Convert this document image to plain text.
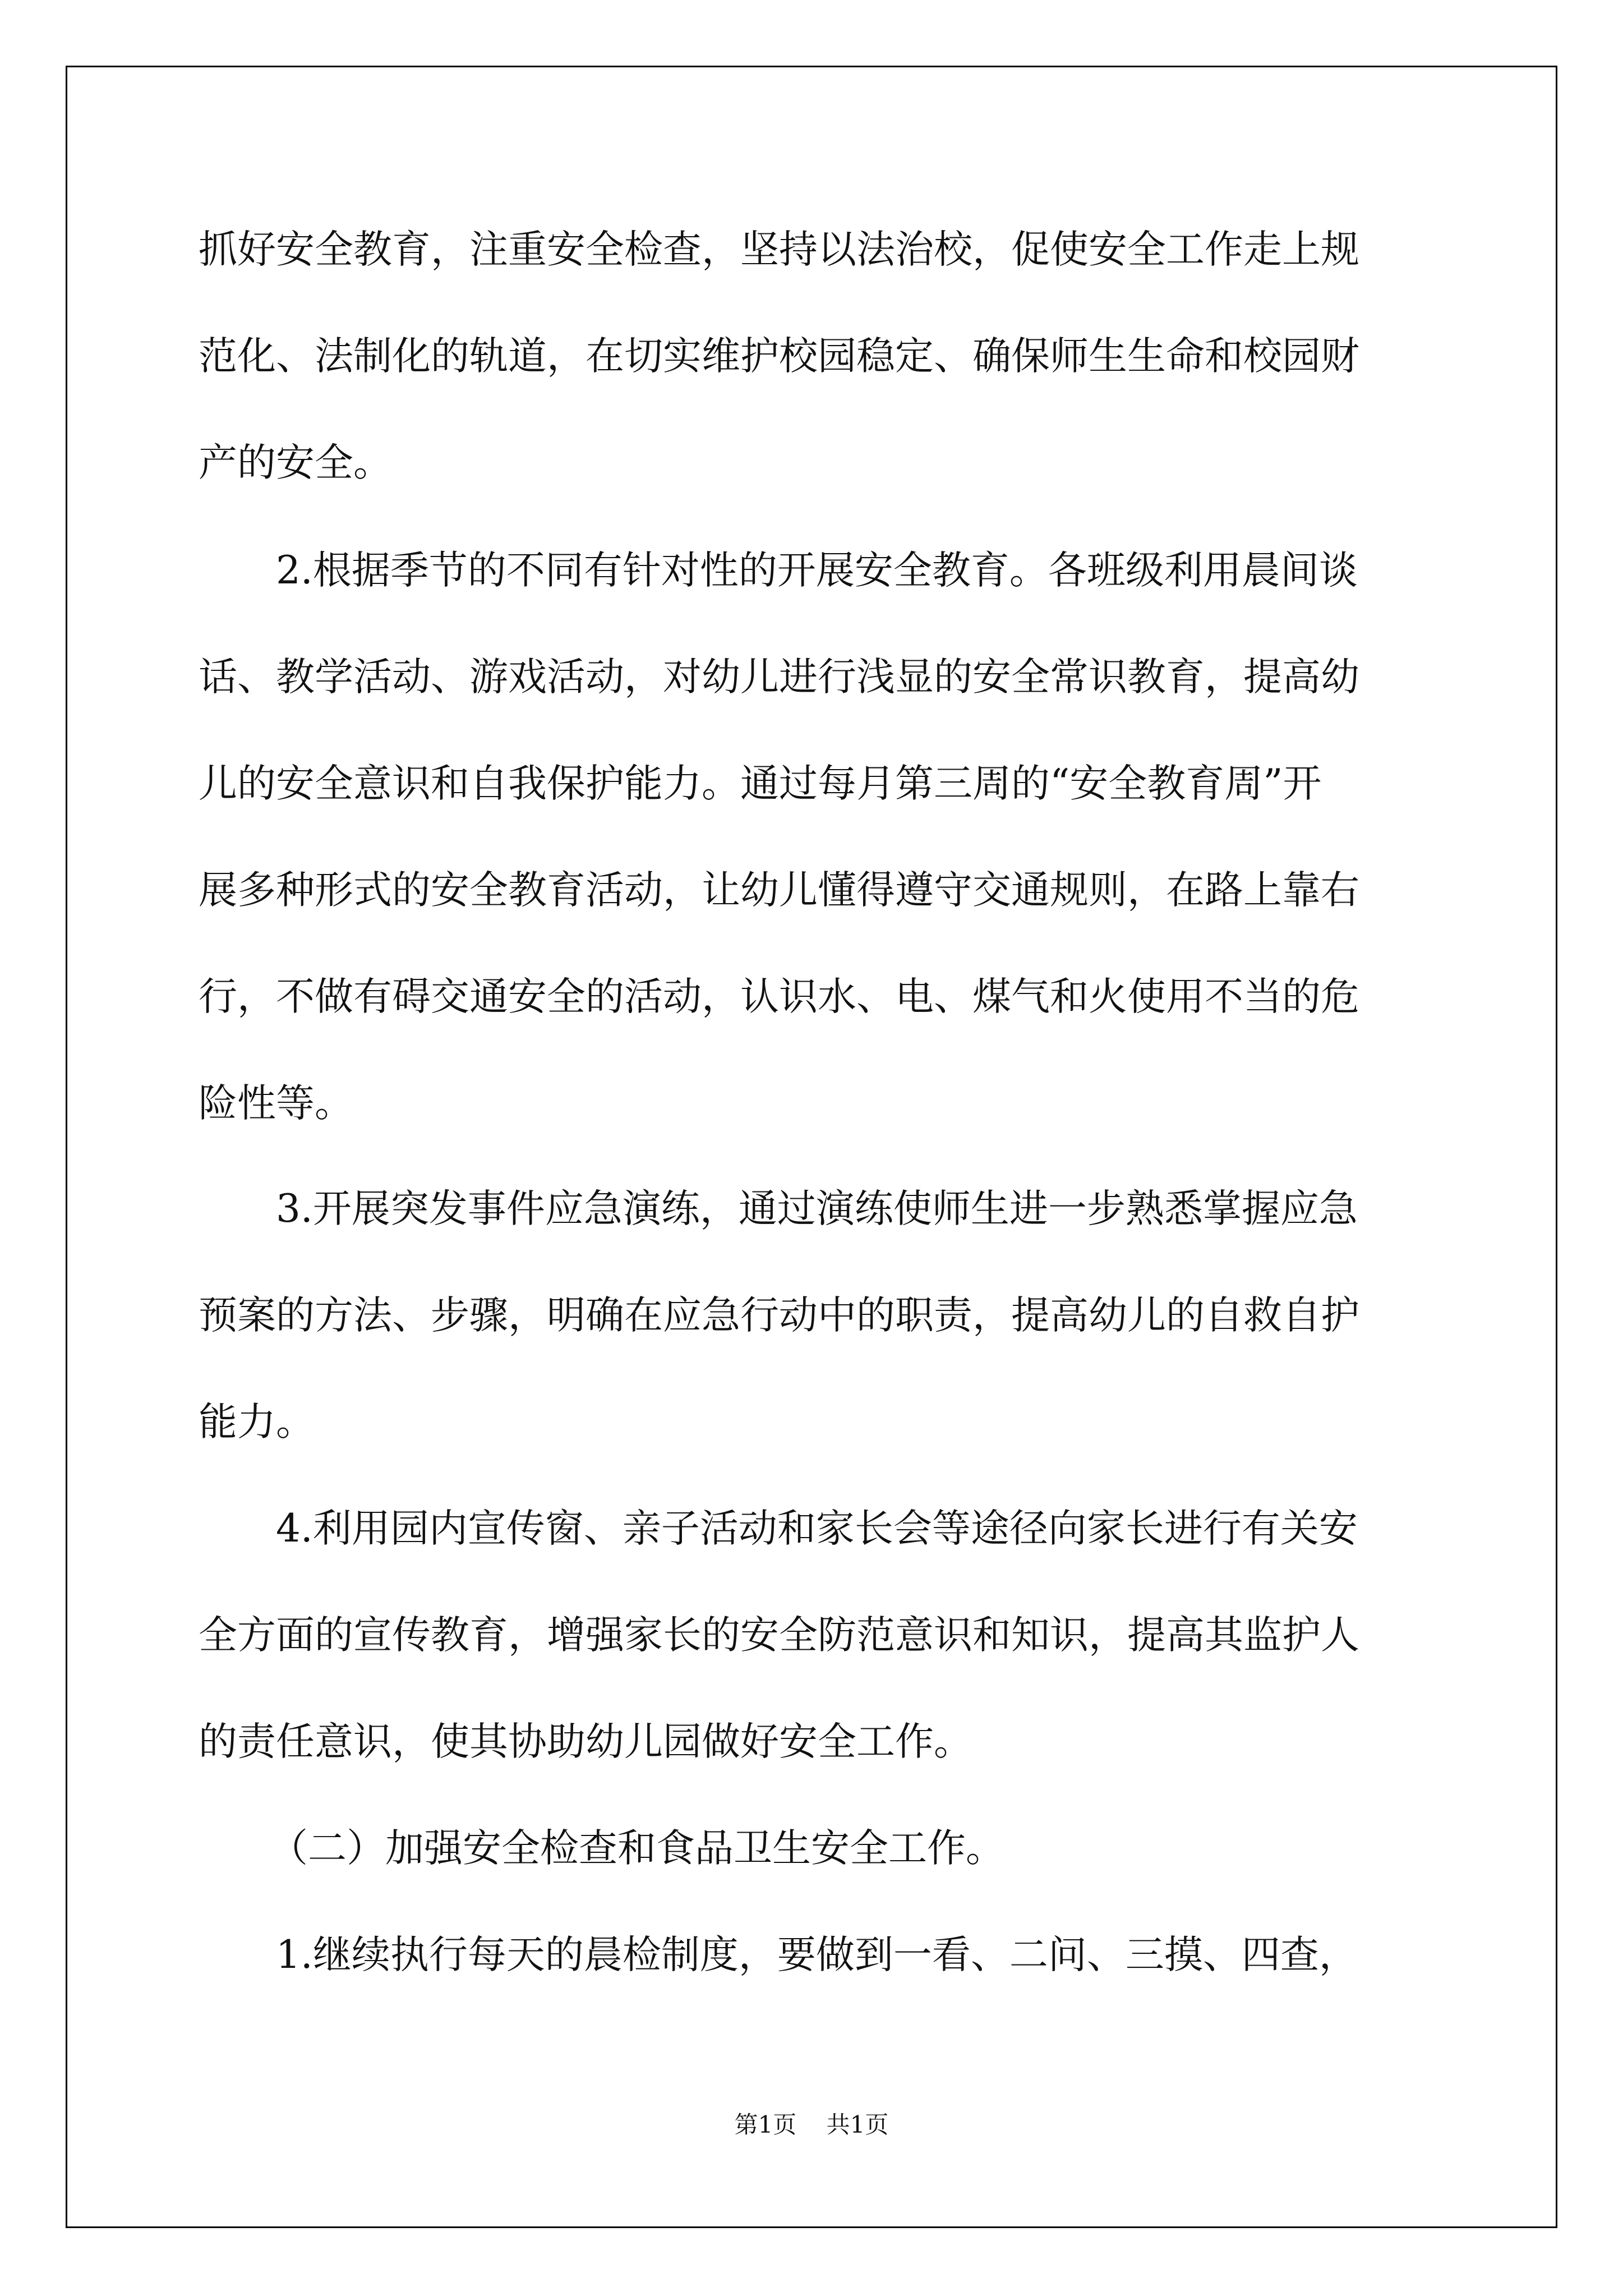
抓好安全教育，注重安全检查，坚持以法治校，促使安全工作走上规
范化、法制化的轨道，在切实维护校园稳定、确保师生生命和校园财
产的安全。
　　2.根据季节的不同有针对性的开展安全教育。各班级利用晨间谈
话、教学活动、游戏活动，对幼儿进行浅显的安全常识教育，提高幼
儿的安全意识和自我保护能力。通过每月第三周的“安全教育周”开
展多种形式的安全教育活动，让幼儿懂得遵守交通规则，在路上靠右
行，不做有碍交通安全的活动，认识水、电、煤气和火使用不当的危
险性等。
　　3.开展突发事件应急演练，通过演练使师生进一步熟悉掌握应急
预案的方法、步骤，明确在应急行动中的职责，提高幼儿的自救自护
能力。
　　4.利用园内宣传窗、亲子活动和家长会等途径向家长进行有关安
全方面的宣传教育，增强家长的安全防范意识和知识，提高其监护人
的责任意识，使其协助幼儿园做好安全工作。
（二）加强安全检查和食品卫生安全工作。
　　1.继续执行每天的晨检制度，要做到一看、二问、三摸、四查，
第1页 共1页
